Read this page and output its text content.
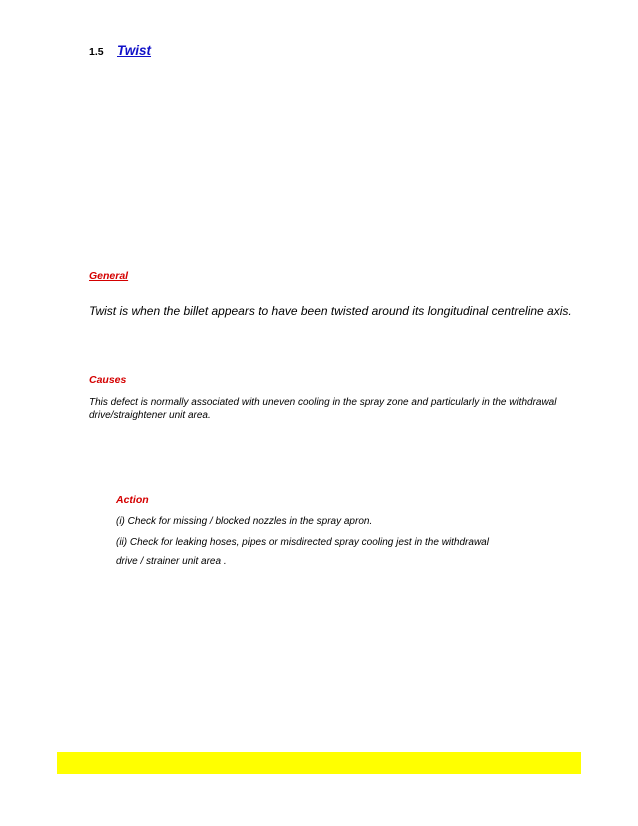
1.5 Twist
General
Twist is when the billet appears to have been twisted around its longitudinal centreline axis.
Causes
This defect is normally associated with uneven cooling in the spray zone and particularly in the withdrawal drive/straightener unit area.
Action
(i) Check for missing / blocked nozzles in the spray apron.
(ii) Check for leaking hoses, pipes or misdirected spray cooling jest in the withdrawal
drive / strainer unit area .
